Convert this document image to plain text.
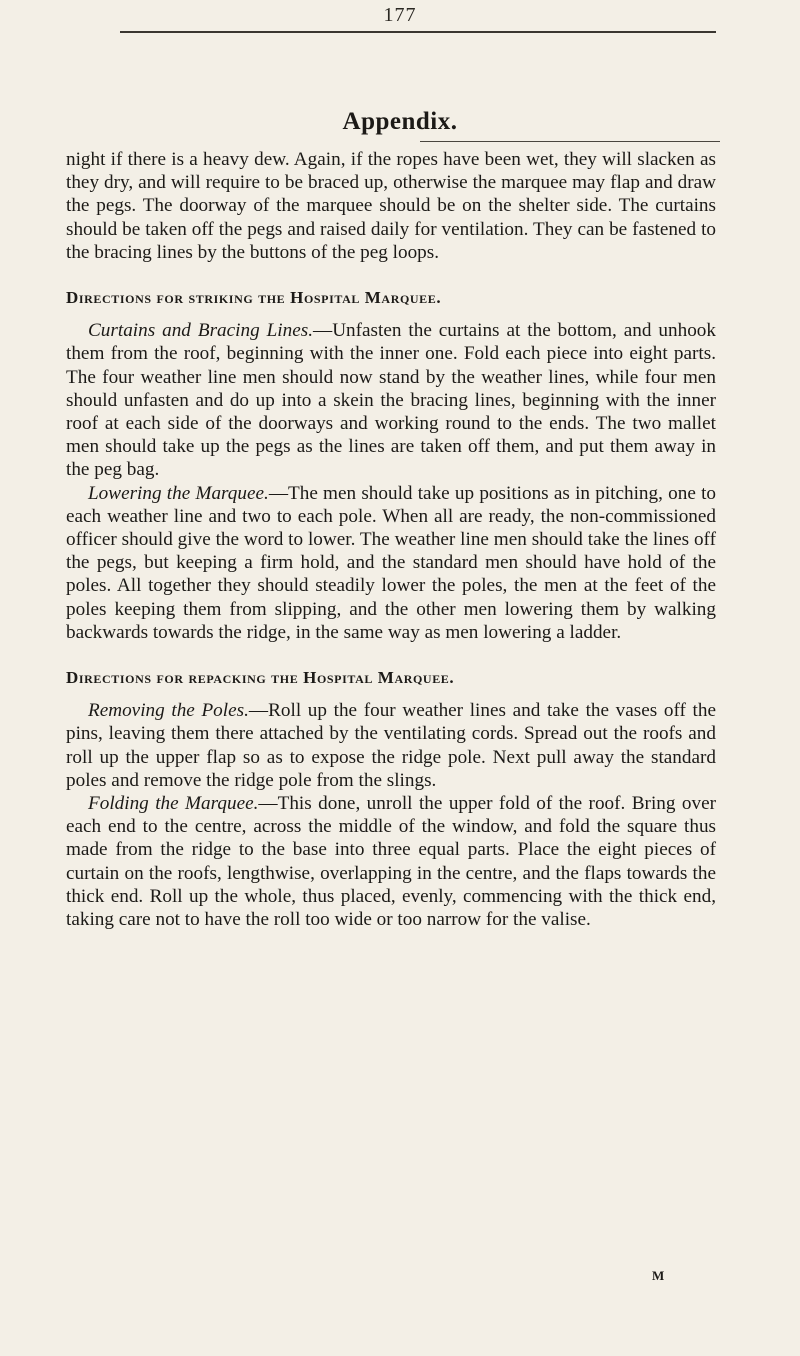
177
Appendix.

night if there is a heavy dew. Again, if the ropes have been wet, they will slacken as they dry, and will require to be braced up, otherwise the marquee may flap and draw the pegs. The doorway of the marquee should be on the shelter side. The curtains should be taken off the pegs and raised daily for ventilation. They can be fastened to the bracing lines by the buttons of the peg loops.

Directions for striking the Hospital Marquee.

Curtains and Bracing Lines.—Unfasten the curtains at the bottom, and unhook them from the roof, beginning with the inner one. Fold each piece into eight parts. The four weather line men should now stand by the weather lines, while four men should unfasten and do up into a skein the bracing lines, beginning with the inner roof at each side of the doorways and working round to the ends. The two mallet men should take up the pegs as the lines are taken off them, and put them away in the peg bag.

Lowering the Marquee.—The men should take up positions as in pitching, one to each weather line and two to each pole. When all are ready, the non-commissioned officer should give the word to lower. The weather line men should take the lines off the pegs, but keeping a firm hold, and the standard men should have hold of the poles. All together they should steadily lower the poles, the men at the feet of the poles keeping them from slipping, and the other men lowering them by walking backwards towards the ridge, in the same way as men lowering a ladder.

Directions for repacking the Hospital Marquee.

Removing the Poles.—Roll up the four weather lines and take the vases off the pins, leaving them there attached by the ventilating cords. Spread out the roofs and roll up the upper flap so as to expose the ridge pole. Next pull away the standard poles and remove the ridge pole from the slings.

Folding the Marquee.—This done, unroll the upper fold of the roof. Bring over each end to the centre, across the middle of the window, and fold the square thus made from the ridge to the base into three equal parts. Place the eight pieces of curtain on the roofs, lengthwise, overlapping in the centre, and the flaps towards the thick end. Roll up the whole, thus placed, evenly, commencing with the thick end, taking care not to have the roll too wide or too narrow for the valise.

M
